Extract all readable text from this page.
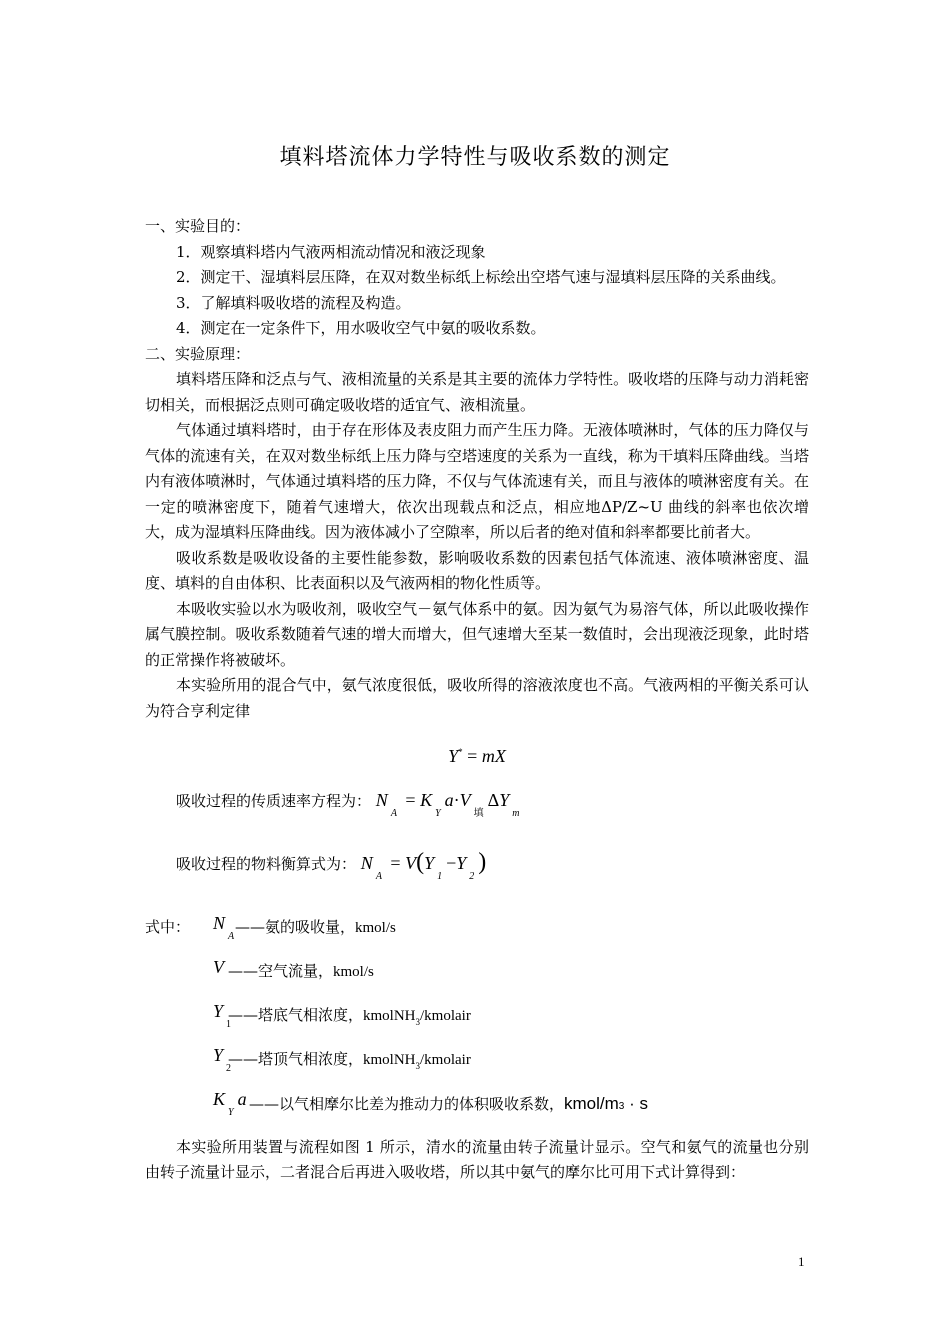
填料塔流体力学特性与吸收系数的测定

一、实验目的：

1．观察填料塔内气液两相流动情况和液泛现象

2．测定干、湿填料层压降，在双对数坐标纸上标绘出空塔气速与湿填料层压降的关系曲线。

3．了解填料吸收塔的流程及构造。

4．测定在一定条件下，用水吸收空气中氨的吸收系数。

二、实验原理：

填料塔压降和泛点与气、液相流量的关系是其主要的流体力学特性。吸收塔的压降与动力消耗密切相关，而根据泛点则可确定吸收塔的适宜气、液相流量。

气体通过填料塔时，由于存在形体及表皮阻力而产生压力降。无液体喷淋时，气体的压力降仅与气体的流速有关，在双对数坐标纸上压力降与空塔速度的关系为一直线，称为干填料压降曲线。当塔内有液体喷淋时，气体通过填料塔的压力降，不仅与气体流速有关，而且与液体的喷淋密度有关。在一定的喷淋密度下，随着气速增大，依次出现载点和泛点，相应地ΔP/Z~U 曲线的斜率也依次增大，成为湿填料压降曲线。因为液体减小了空隙率，所以后者的绝对值和斜率都要比前者大。

吸收系数是吸收设备的主要性能参数，影响吸收系数的因素包括气体流速、液体喷淋密度、温度、填料的自由体积、比表面积以及气液两相的物化性质等。

本吸收实验以水为吸收剂，吸收空气－氨气体系中的氨。因为氨气为易溶气体，所以此吸收操作属气膜控制。吸收系数随着气速的增大而增大，但气速增大至某一数值时，会出现液泛现象，此时塔的正常操作将被破坏。

本实验所用的混合气中，氨气浓度很低，吸收所得的溶液浓度也不高。气液两相的平衡关系可认为符合亨利定律

Y* = mX
吸收过程的传质速率方程为： $N_A = K_Ya\cdot V_填\Delta Y_m$
吸收过程的物料衡算式为： $N_A = V(Y_1-Y_2)$
式中： $N_A$
——氨的吸收量，kmol/s
V ——空气流量，kmol/s
$Y_1$
——塔底气相浓度，kmolNH$_3$/kmolair
$Y_2$
——塔顶气相浓度，kmolNH$_3$/kmolair
$K_Ya$ ——以气相摩尔比差为推动力的体积吸收系数，kmol/m3 · s

本实验所用装置与流程如图 1 所示，清水的流量由转子流量计显示。空气和氨气的流量也分别由转子流量计显示，二者混合后再进入吸收塔，所以其中氨气的摩尔比可用下式计算得到：

1
